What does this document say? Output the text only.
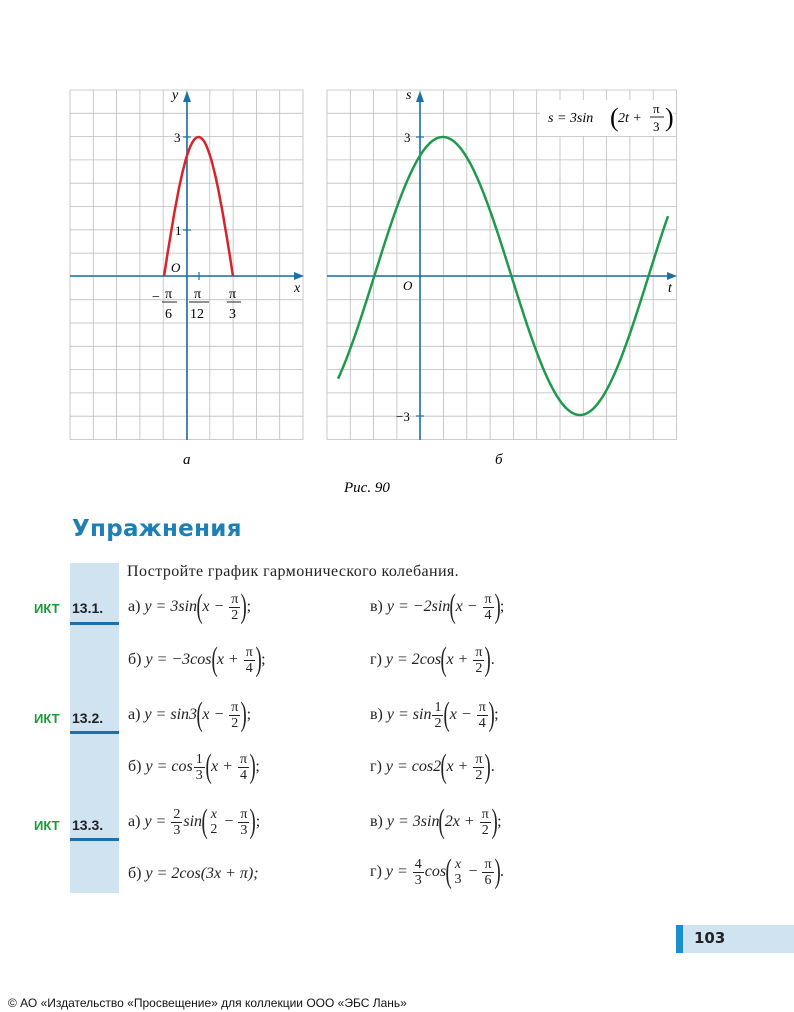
y
x
O
3
1
− π
6
π
12
π
3
s
t
O
3
−3
s = 3sin ( 2t +
π
3 )
а	б
Рис. 90
Упражнения
Постройте график гармонического колебания.
ИКТ 13.1.
ИКТ 13.2.
ИКТ 13.3.
а)
y = 3sin ( x −
$\frac{\pi}{2}$ ) ;	в)
y = −2sin ( x −
$\frac{\pi}{4}$ ) ;
б)
y = −3cos ( x +
$\frac{\pi}{4}$ ) ;	г)
y = 2cos ( x +
$\frac{\pi}{2}$ ) .
а)
y = sin3 ( x −
$\frac{\pi}{2}$ ) ;	в)
y = sin 1
2 ( x −
$\frac{\pi}{4}$ ) ;
б)
y = cos 1
3 ( x +
$\frac{\pi}{4}$ ) ;	г)
y = cos2 ( x +
$\frac{\pi}{2}$ ) .
а)
y =
$\frac{2}{3}$ sin ( x
2
−
$\frac{\pi}{3}$ ) ;	в)
y = 3sin ( 2x +
$\frac{\pi}{2}$ ) ;
б)
y = 2cos(3x + π);	г)
y =
$\frac{4}{3}$ cos ( x
3
−
$\frac{\pi}{6}$ ) .
103
© АО «Издательство «Просвещение» для коллекции ООО «ЭБС Лань»
